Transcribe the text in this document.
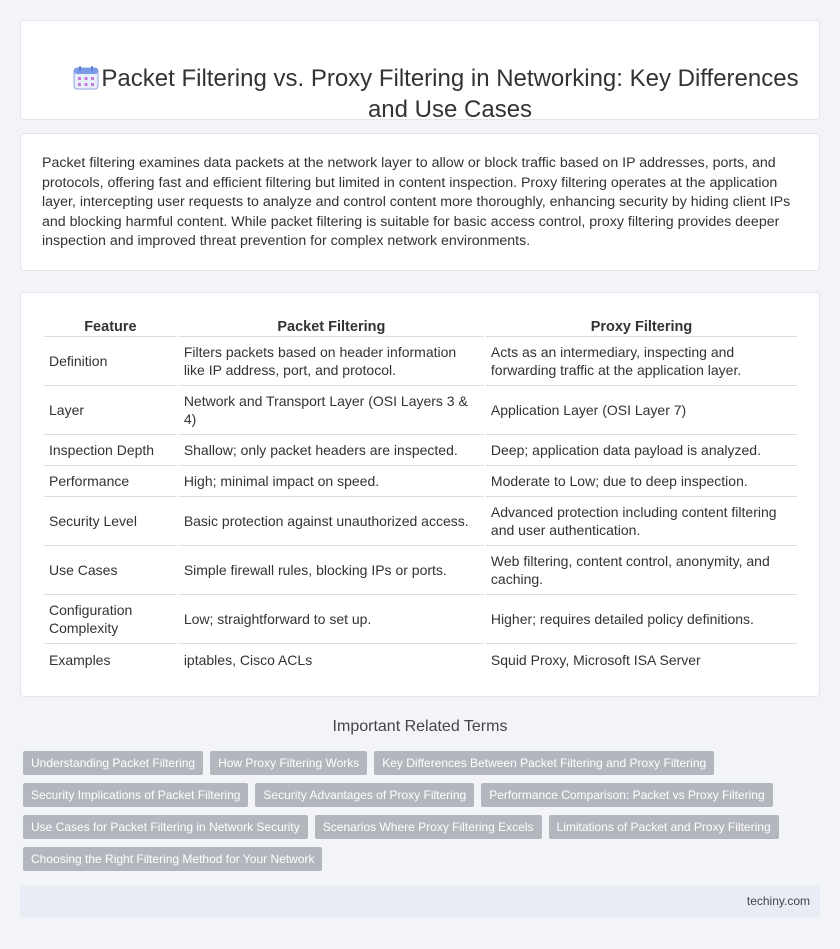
Packet Filtering vs. Proxy Filtering in Networking: Key Differences and Use Cases

Packet filtering examines data packets at the network layer to allow or block traffic based on IP addresses, ports, and protocols, offering fast and efficient filtering but limited in content inspection. Proxy filtering operates at the application layer, intercepting user requests to analyze and control content more thoroughly, enhancing security by hiding client IPs and blocking harmful content. While packet filtering is suitable for basic access control, proxy filtering provides deeper inspection and improved threat prevention for complex network environments.

Feature	Packet Filtering	Proxy Filtering
Definition	Filters packets based on header information like IP address, port, and protocol.	Acts as an intermediary, inspecting and forwarding traffic at the application layer.
Layer	Network and Transport Layer (OSI Layers 3 & 4)	Application Layer (OSI Layer 7)
Inspection Depth	Shallow; only packet headers are inspected.	Deep; application data payload is analyzed.
Performance	High; minimal impact on speed.	Moderate to Low; due to deep inspection.
Security Level	Basic protection against unauthorized access.	Advanced protection including content filtering and user authentication.
Use Cases	Simple firewall rules, blocking IPs or ports.	Web filtering, content control, anonymity, and caching.
Configuration Complexity	Low; straightforward to set up.	Higher; requires detailed policy definitions.
Examples	iptables, Cisco ACLs	Squid Proxy, Microsoft ISA Server
Important Related Terms
Understanding Packet Filtering	How Proxy Filtering Works	Key Differences Between Packet Filtering and Proxy Filtering
Security Implications of Packet Filtering	Security Advantages of Proxy Filtering	Performance Comparison: Packet vs Proxy Filtering
Use Cases for Packet Filtering in Network Security	Scenarios Where Proxy Filtering Excels	Limitations of Packet and Proxy Filtering
Choosing the Right Filtering Method for Your Network
techiny.com
